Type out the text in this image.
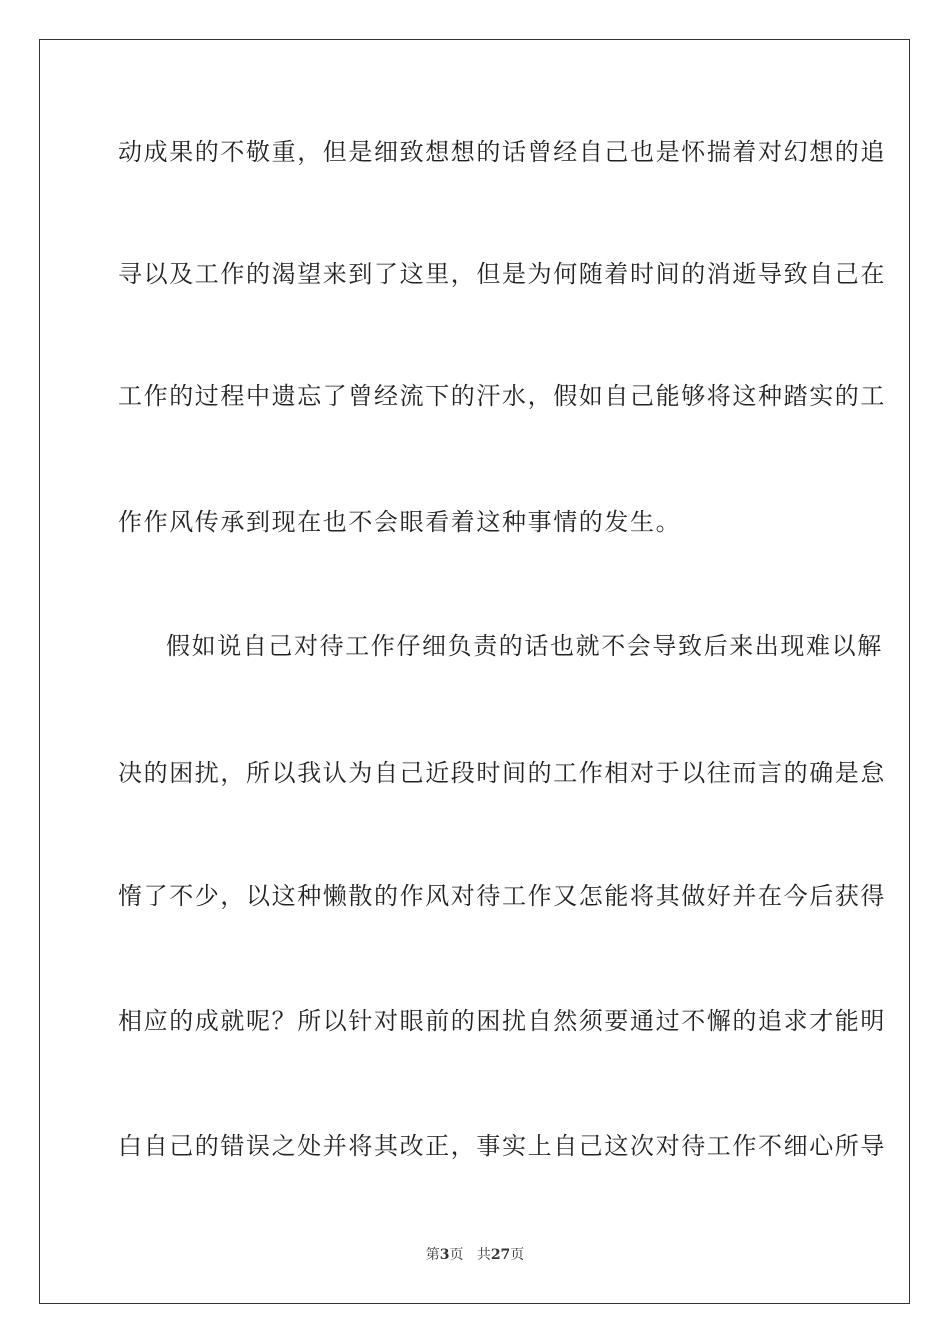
动成果的不敬重，但是细致想想的话曾经自己也是怀揣着对幻想的追
寻以及工作的渴望来到了这里，但是为何随着时间的消逝导致自己在
工作的过程中遗忘了曾经流下的汗水，假如自己能够将这种踏实的工
作作风传承到现在也不会眼看着这种事情的发生。
假如说自己对待工作仔细负责的话也就不会导致后来出现难以解
决的困扰，所以我认为自己近段时间的工作相对于以往而言的确是怠
惰了不少，以这种懒散的作风对待工作又怎能将其做好并在今后获得
相应的成就呢？所以针对眼前的困扰自然须要通过不懈的追求才能明
白自己的错误之处并将其改正，事实上自己这次对待工作不细心所导
第3页 共27页
